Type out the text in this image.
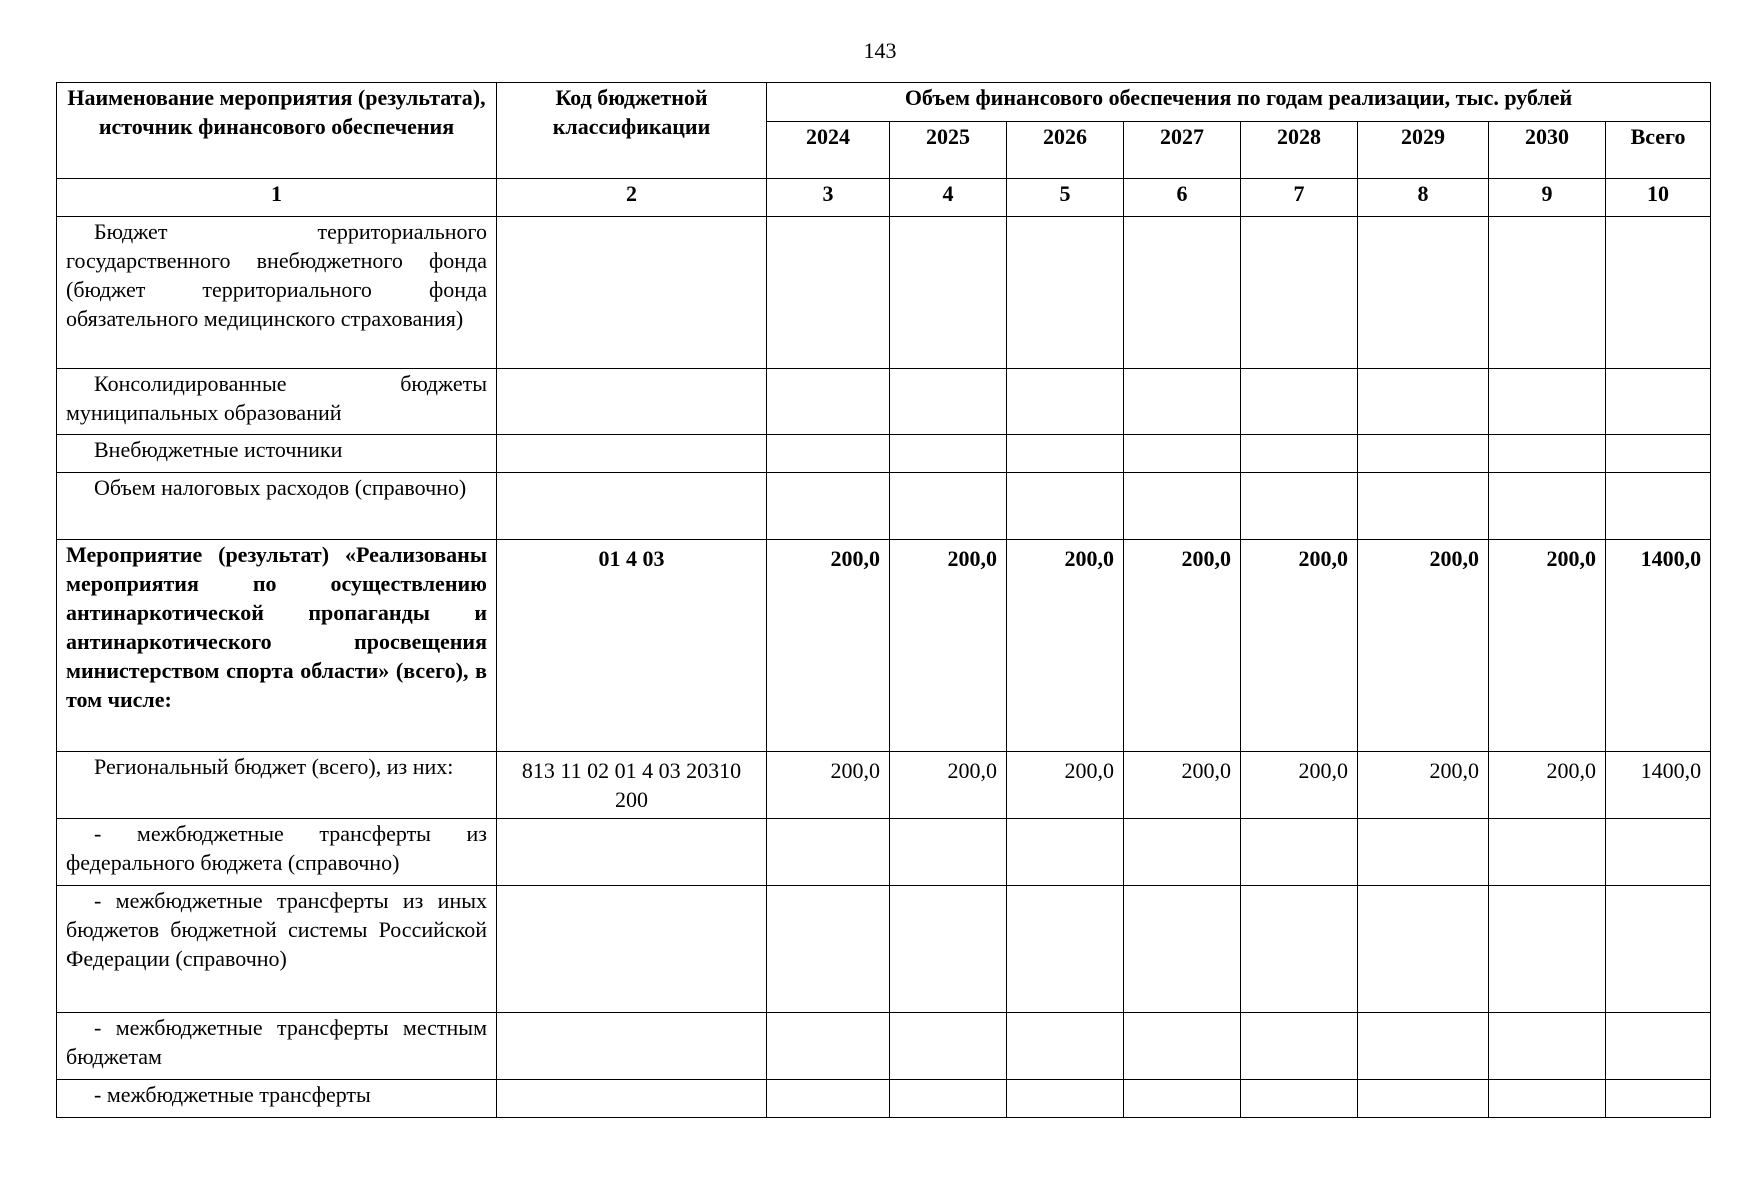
143
Наименование мероприятия (результата), источник финансового обеспечения	Код бюджетной классификации	Объем финансового обеспечения по годам реализации, тыс. рублей							
		2024	2025	2026	2027	2028	2029	2030	Всего
1	2	3	4	5	6	7	8	9	10
Бюджет территориального государственного внебюджетного фонда (бюджет территориального фонда обязательного медицинского страхования)									
Консолидированные бюджеты муниципальных образований									
Внебюджетные источники									
Объем налоговых расходов (справочно)									
Мероприятие (результат) «Реализованы мероприятия по осуществлению антинаркотической пропаганды и антинаркотического просвещения министерством спорта области» (всего), в том числе:	01 4 03	200,0	200,0	200,0	200,0	200,0	200,0	200,0	1400,0
Региональный бюджет (всего), из них:	813 11 02 01 4 03 20310 200	200,0	200,0	200,0	200,0	200,0	200,0	200,0	1400,0
- межбюджетные трансферты из федерального бюджета (справочно)									
- межбюджетные трансферты из иных бюджетов бюджетной системы Российской Федерации (справочно)									
- межбюджетные трансферты местным бюджетам									
- межбюджетные трансферты									
